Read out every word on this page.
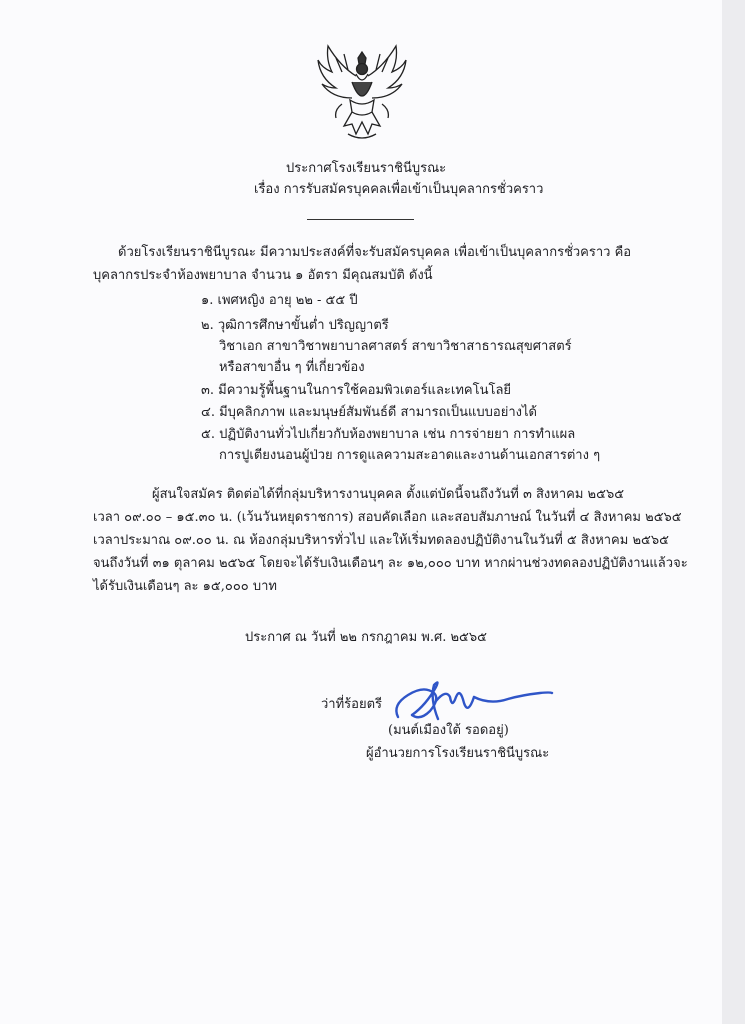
ประกาศโรงเรียนราชินีบูรณะ
เรื่อง การรับสมัครบุคคลเพื่อเข้าเป็นบุคลากรชั่วคราว
ด้วยโรงเรียนราชินีบูรณะ มีความประสงค์ที่จะรับสมัครบุคคล เพื่อเข้าเป็นบุคลากรชั่วคราว คือ
บุคลากรประจำห้องพยาบาล จำนวน ๑ อัตรา มีคุณสมบัติ ดังนี้
๑. เพศหญิง อายุ ๒๒ - ๕๕ ปี
๒. วุฒิการศึกษาขั้นต่ำ ปริญญาตรี
วิชาเอก สาขาวิชาพยาบาลศาสตร์ สาขาวิชาสาธารณสุขศาสตร์
หรือสาขาอื่น ๆ ที่เกี่ยวข้อง
๓. มีความรู้พื้นฐานในการใช้คอมพิวเตอร์และเทคโนโลยี
๔. มีบุคลิกภาพ และมนุษย์สัมพันธ์ดี สามารถเป็นแบบอย่างได้
๕. ปฏิบัติงานทั่วไปเกี่ยวกับห้องพยาบาล เช่น การจ่ายยา การทำแผล
การปูเตียงนอนผู้ป่วย การดูแลความสะอาดและงานด้านเอกสารต่าง ๆ
ผู้สนใจสมัคร ติดต่อได้ที่กลุ่มบริหารงานบุคคล ตั้งแต่บัดนี้จนถึงวันที่ ๓ สิงหาคม ๒๕๖๕
เวลา ๐๙.๐๐ – ๑๕.๓๐ น. (เว้นวันหยุดราชการ) สอบคัดเลือก และสอบสัมภาษณ์ ในวันที่ ๔ สิงหาคม ๒๕๖๕
เวลาประมาณ ๐๙.๐๐ น. ณ ห้องกลุ่มบริหารทั่วไป และให้เริ่มทดลองปฏิบัติงานในวันที่ ๕ สิงหาคม ๒๕๖๕
จนถึงวันที่ ๓๑ ตุลาคม ๒๕๖๕ โดยจะได้รับเงินเดือนๆ ละ ๑๒,๐๐๐ บาท หากผ่านช่วงทดลองปฏิบัติงานแล้วจะ
ได้รับเงินเดือนๆ ละ ๑๕,๐๐๐ บาท
ประกาศ ณ วันที่ ๒๒ กรกฎาคม พ.ศ. ๒๕๖๕
ว่าที่ร้อยตรี
(มนต์เมืองใต้ รอดอยู่)
ผู้อำนวยการโรงเรียนราชินีบูรณะ
